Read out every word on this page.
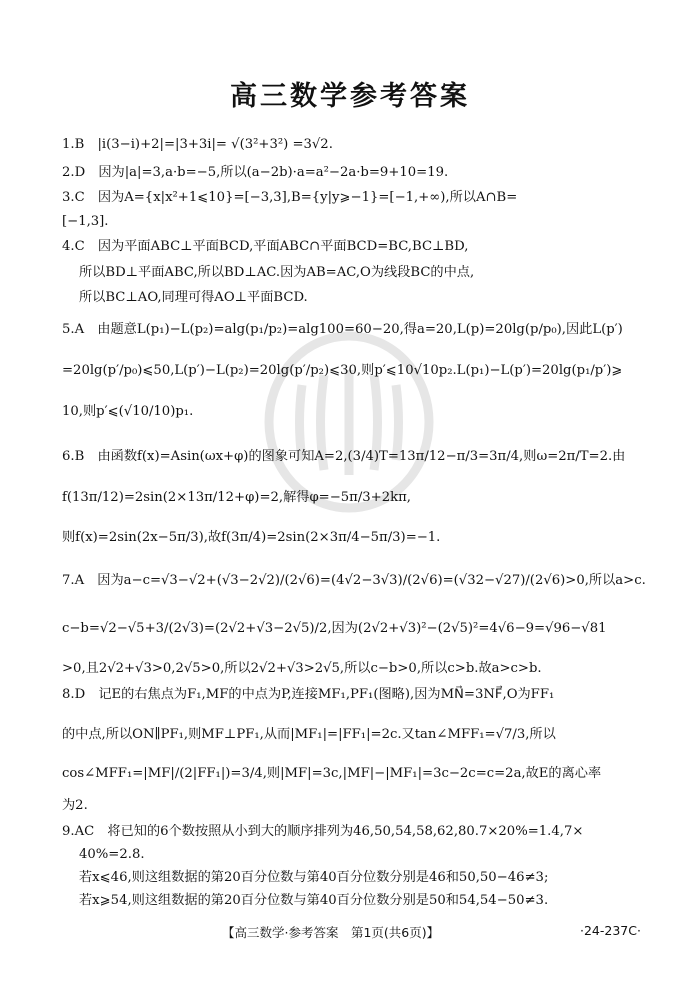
高三数学参考答案
1.B　|i(3−i)+2|=|3+3i|= √(3²+3²) =3√2.
2.D　因为|a|=3,a·b=−5,所以(a−2b)·a=a²−2a·b=9+10=19.
3.C　因为A={x|x²+1⩽10}=[−3,3],B={y|y⩾−1}=[−1,+∞),所以A∩B=
[−1,3].
4.C　因为平面ABC⊥平面BCD,平面ABC∩平面BCD=BC,BC⊥BD,
所以BD⊥平面ABC,所以BD⊥AC.因为AB=AC,O为线段BC的中点,
所以BC⊥AO,同理可得AO⊥平面BCD.
5.A　由题意L(p₁)−L(p₂)=alg(p₁/p₂)=alg100=60−20,得a=20,L(p)=20lg(p/p₀),因此L(p′)
=20lg(p′/p₀)⩽50,L(p′)−L(p₂)=20lg(p′/p₂)⩽30,则p′⩽10√10p₂.L(p₁)−L(p′)=20lg(p₁/p′)⩾
10,则p′⩽(√10/10)p₁.
6.B　由函数f(x)=Asin(ωx+φ)的图象可知A=2,(3/4)T=13π/12−π/3=3π/4,则ω=2π/T=2.由
f(13π/12)=2sin(2×13π/12+φ)=2,解得φ=−5π/3+2kπ,
则f(x)=2sin(2x−5π/3),故f(3π/4)=2sin(2×3π/4−5π/3)=−1.
7.A　因为a−c=√3−√2+(√3−2√2)/(2√6)=(4√2−3√3)/(2√6)=(√32−√27)/(2√6)>0,所以a>c.
c−b=√2−√5+3/(2√3)=(2√2+√3−2√5)/2,因为(2√2+√3)²−(2√5)²=4√6−9=√96−√81
>0,且2√2+√3>0,2√5>0,所以2√2+√3>2√5,所以c−b>0,所以c>b.故a>c>b.
8.D　记E的右焦点为F₁,MF的中点为P,连接MF₁,PF₁(图略),因为MN⃗=3NF⃗,O为FF₁
的中点,所以ON∥PF₁,则MF⊥PF₁,从而|MF₁|=|FF₁|=2c.又tan∠MFF₁=√7/3,所以
cos∠MFF₁=|MF|/(2|FF₁|)=3/4,则|MF|=3c,|MF|−|MF₁|=3c−2c=c=2a,故E的离心率
为2.
9.AC　将已知的6个数按照从小到大的顺序排列为46,50,54,58,62,80.7×20%=1.4,7×
40%=2.8.
若x⩽46,则这组数据的第20百分位数与第40百分位数分别是46和50,50−46≠3;
若x⩾54,则这组数据的第20百分位数与第40百分位数分别是50和54,54−50≠3.
【高三数学·参考答案　第1页(共6页)】	·24-237C·
